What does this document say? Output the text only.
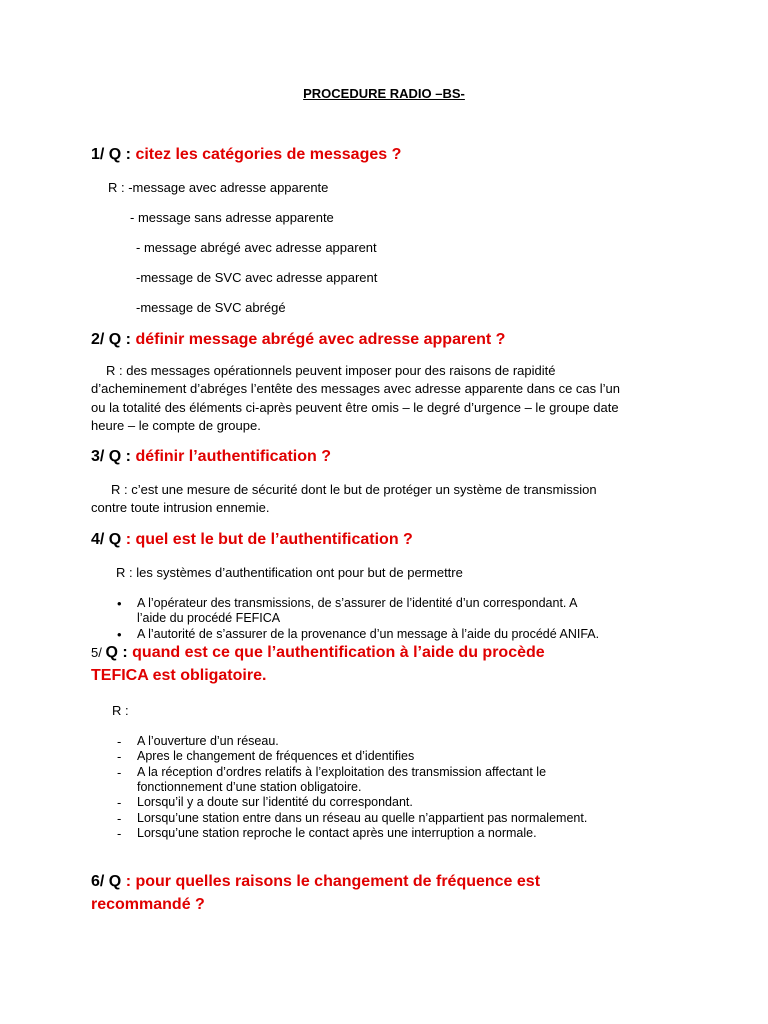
PROCEDURE RADIO –BS-
1/ Q : citez les catégories de messages ?
R : -message avec adresse apparente
- message sans adresse apparente
- message abrégé avec adresse apparent
-message de SVC avec adresse apparent
-message de SVC abrégé
2/ Q : définir message abrégé avec adresse apparent ?
R : des messages opérationnels peuvent imposer pour des raisons de rapidité
d’acheminement d’abréges l’entête des messages avec adresse apparente dans ce cas l’un
ou la totalité des éléments ci-après peuvent être omis – le degré d’urgence – le groupe date
heure – le compte de groupe.
3/ Q : définir l’authentification ?
R : c’est une mesure de sécurité dont le but de protéger un système de transmission
contre toute intrusion ennemie.
4/ Q : quel est le but de l’authentification ?
R : les systèmes d’authentification ont pour but de permettre
• A l’opérateur des transmissions, de s’assurer de l’identité d’un correspondant. A
l’aide du procédé FEFICA
• A l’autorité de s’assurer de la provenance d’un message à l’aide du procédé ANIFA.
5/ Q : quand est ce que l’authentification à l’aide du procède
TEFICA est obligatoire.
R :
- A l’ouverture d’un réseau.
- Apres le changement de fréquences et d’identifies
- A la réception d’ordres relatifs à l’exploitation des transmission affectant le
fonctionnement d’une station obligatoire.
- Lorsqu’il y a doute sur l’identité du correspondant.
- Lorsqu’une station entre dans un réseau au quelle n’appartient pas normalement.
- Lorsqu’une station reproche le contact après une interruption a normale.
6/ Q : pour quelles raisons le changement de fréquence est
recommandé ?
